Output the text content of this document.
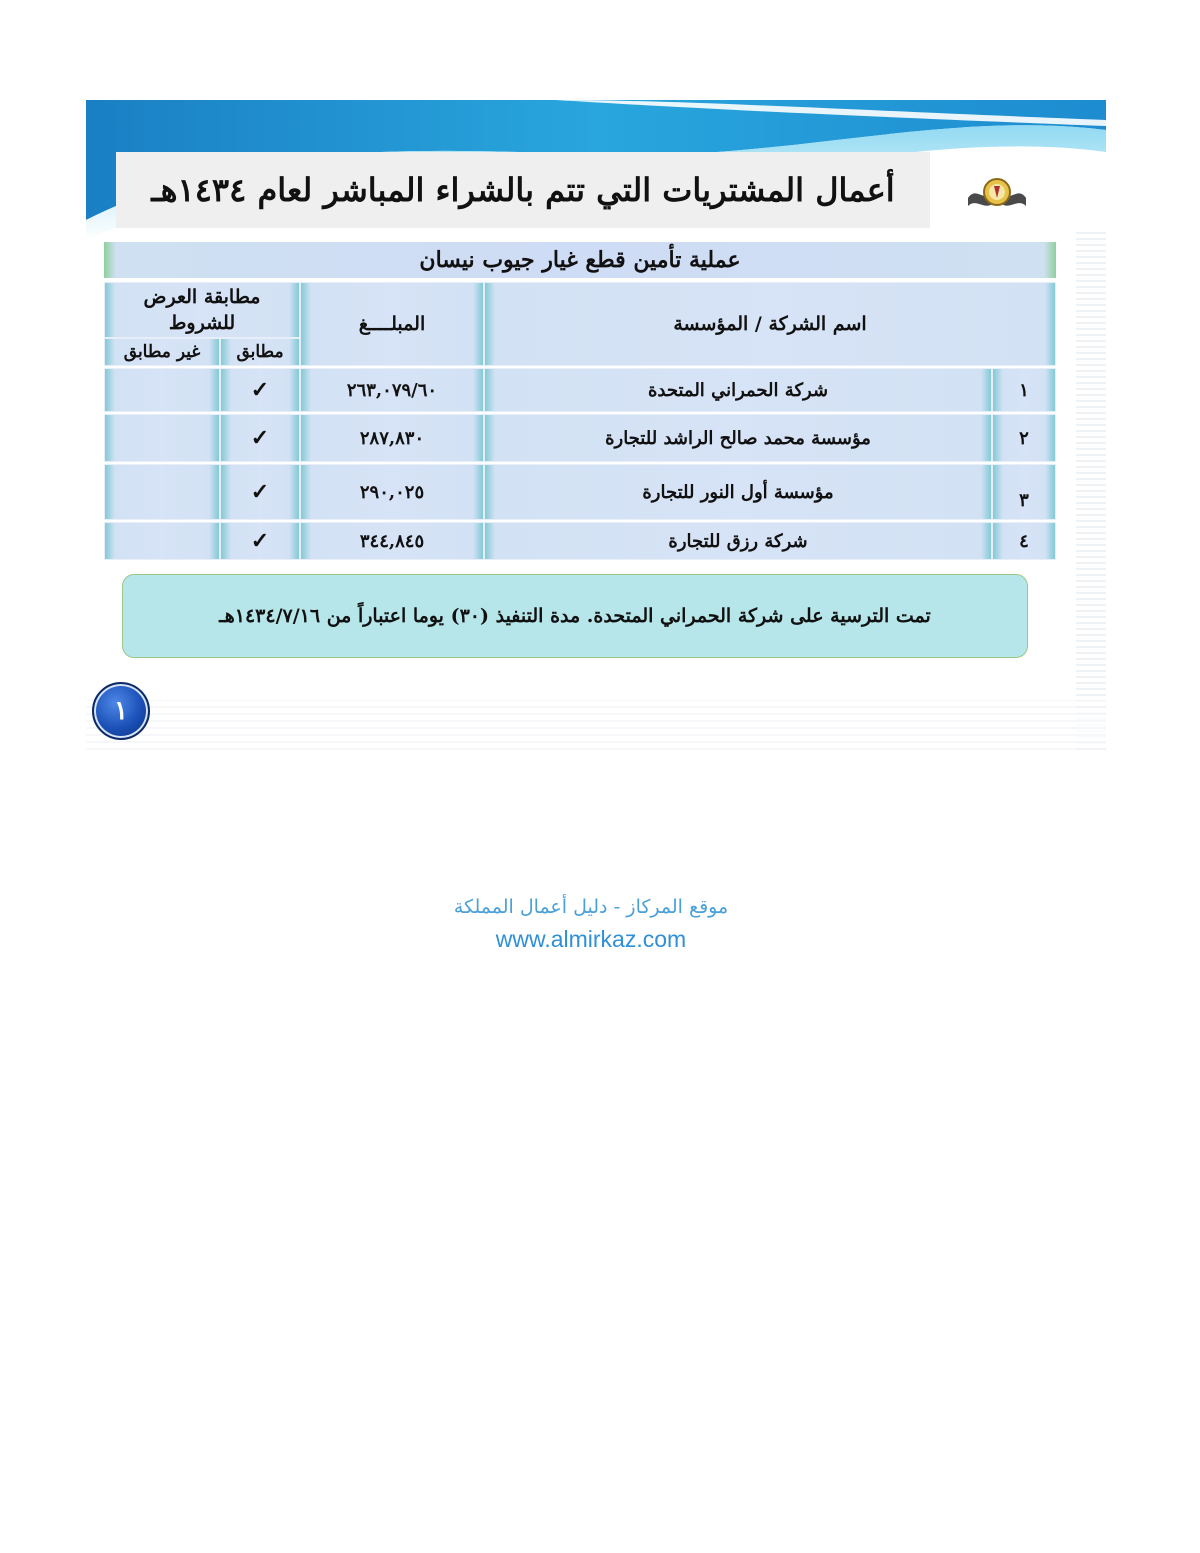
أعمال المشتريات التي تتم بالشراء المباشر لعام ١٤٣٤هـ
عملية تأمين قطع غيار جيوب نيسان
اسم الشركة / المؤسسة
المبلــــغ
مطابقة العرض للشروط
مطابق
غير مطابق
١
شركة الحمراني المتحدة
٢٦٣,٠٧٩/٦٠
✓
٢
مؤسسة محمد صالح الراشد للتجارة
٢٨٧,٨٣٠
✓
٣
مؤسسة أول النور للتجارة
٢٩٠,٠٢٥
✓
٤
شركة رزق للتجارة
٣٤٤,٨٤٥
✓
تمت الترسية على شركة الحمراني المتحدة. مدة التنفيذ (٣٠) يوما اعتباراً من ١٤٣٤/٧/١٦هـ
١
موقع المركاز - دليل أعمال المملكة
www.almirkaz.com
